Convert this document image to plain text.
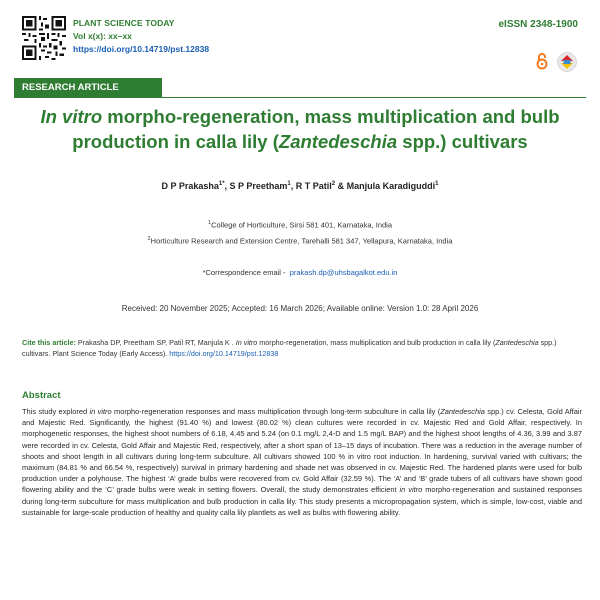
PLANT SCIENCE TODAY
Vol x(x): xx–xx
https://doi.org/10.14719/pst.12838
eISSN 2348-1900
RESEARCH ARTICLE
In vitro morpho-regeneration, mass multiplication and bulb production in calla lily (Zantedeschia spp.) cultivars
D P Prakasha$^{1*}$, S P Preetham$^1$, R T Patil$^2$ & Manjula Karadiguddi$^1$
$^1$College of Horticulture, Sirsi 581 401, Karnataka, India
$^2$Horticulture Research and Extension Centre, Tarehalli 581 347, Yellapura, Karnataka, India
*Correspondence email - prakash.dp@uhsbagalkot.edu.in
Received: 20 November 2025; Accepted: 16 March 2026; Available online: Version 1.0: 28 April 2026
Cite this article: Prakasha DP, Preetham SP, Patil RT, Manjula K . In vitro morpho-regeneration, mass multiplication and bulb production in calla lily (Zantedeschia spp.) cultivars. Plant Science Today (Early Access). https://doi.org/10.14719/pst.12838
Abstract
This study explored in vitro morpho-regeneration responses and mass multiplication through long-term subculture in calla lily (Zantedeschia spp.) cv. Celesta, Gold Affair and Majestic Red. Significantly, the highest (91.40 %) and lowest (80.02 %) clean cultures were recorded in cv. Majestic Red and Gold Affair, respectively. In morphogenetic responses, the highest shoot numbers of 6.18, 4.45 and 5.24 (on 0.1 mg/L 2,4-D and 1.5 mg/L BAP) and the highest shoot lengths of 4.36, 3.99 and 3.87 were recorded in cv. Celesta, Gold Affair and Majestic Red, respectively, after a short span of 13–15 days of incubation. There was a reduction in the average number of shoots and shoot length in all cultivars during long-term subculture. All cultivars showed 100 % in vitro root induction. In hardening, survival varied with cultivars; the maximum (84.81 % and 66.54 %, respectively) survival in primary hardening and shade net was observed in cv. Majestic Red. The hardened plants were used for bulb production under a polyhouse. The highest ‘A’ grade bulbs were recovered from cv. Gold Affair (32.59 %). The ‘A’ and ‘B’ grade tubers of all cultivars have shown good flowering ability and the ‘C’ grade bulbs were weak in setting flowers. Overall, the study demonstrates efficient in vitro morpho-regeneration and sustained responses during long-term subculture for mass multiplication and bulb production in calla lily. This study presents a micropropagation system, which is simple, low-cost, viable and sustainable for large-scale production of healthy and quality calla lily plantlets as well as bulbs with flowering ability.
